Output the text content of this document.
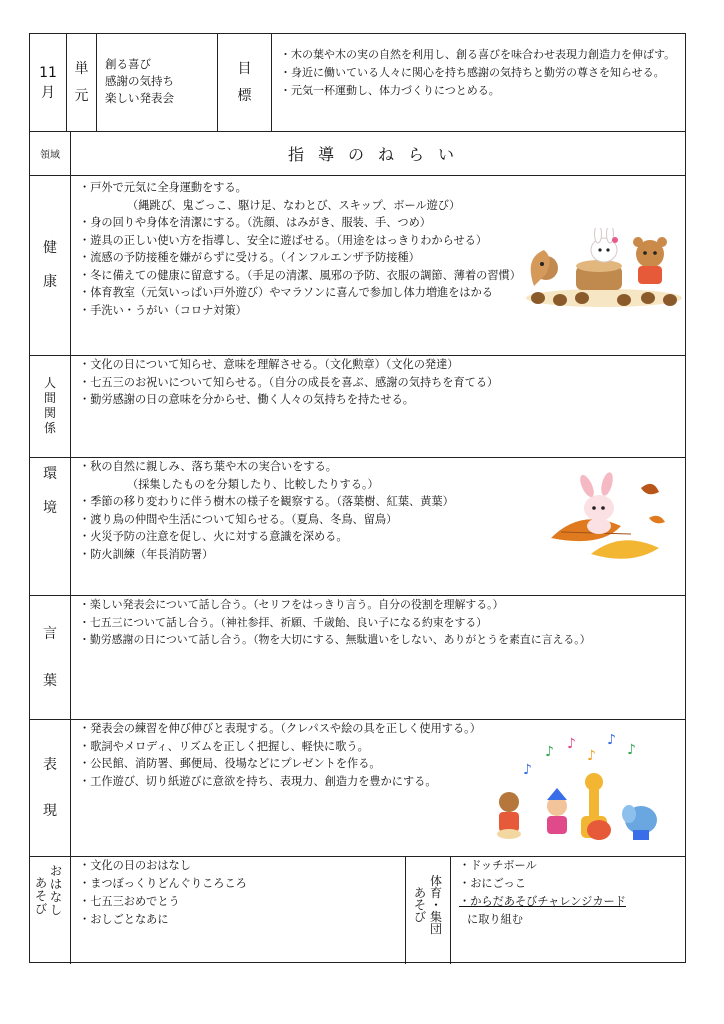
11
月
単
元
創る喜び
感謝の気持ち
楽しい発表会
目
標
・木の葉や木の実の自然を利用し、創る喜びを味合わせ表現力創造力を伸ばす。
・身近に働いている人々に関心を持ち感謝の気持ちと勤労の尊さを知らせる。
・元気一杯運動し、体力づくりにつとめる。
領域	指導のねらい
健
康
・戸外で元気に全身運動をする。
（縄跳び、鬼ごっこ、駆け足、なわとび、スキップ、ボール遊び）
・身の回りや身体を清潔にする。（洗顔、はみがき、服装、手、つめ）
・遊具の正しい使い方を指導し、安全に遊ばせる。（用途をはっきりわからせる）
・流感の予防接種を嫌がらずに受ける。（インフルエンザ予防接種）
・冬に備えての健康に留意する。（手足の清潔、風邪の予防、衣服の調節、薄着の習慣）
・体育教室（元気いっぱい戸外遊び）やマラソンに喜んで参加し体力増進をはかる
・手洗い・うがい（コロナ対策）
人
間
関
係
・文化の日について知らせ、意味を理解させる。（文化勲章）（文化の発達）
・七五三のお祝いについて知らせる。（自分の成長を喜ぶ、感謝の気持ちを育てる）
・勤労感謝の日の意味を分からせ、働く人々の気持ちを持たせる。
環
境
・秋の自然に親しみ、落ち葉や木の実合いをする。
（採集したものを分類したり、比較したりする。）
・季節の移り変わりに伴う樹木の様子を観察する。（落葉樹、紅葉、黄葉）
・渡り鳥の仲間や生活について知らせる。（夏鳥、冬鳥、留鳥）
・火災予防の注意を促し、火に対する意識を深める。
・防火訓練（年長消防署）
言
葉
・楽しい発表会について話し合う。（セリフをはっきり言う。自分の役割を理解する。）
・七五三について話し合う。（神社参拝、祈願、千歳飴、良い子になる約束をする）
・勤労感謝の日について話し合う。（物を大切にする、無駄遣いをしない、ありがとうを素直に言える。）
表
現
・発表会の練習を伸び伸びと表現する。（クレパスや絵の具を正しく使用する。）
・歌詞やメロディ、リズムを正しく把握し、軽快に歌う。
・公民館、消防署、郵便局、役場などにプレゼントを作る。
・工作遊び、切り紙遊びに意欲を持ち、表現力、創造力を豊かにする。
♪
♪ ♪
♪
♪
♪
お
は
な
し
あ
そ
び
・文化の日のおはなし
・まつぼっくりどんぐりころころ
・七五三おめでとう
・おしごとなあに
体
育
・
集
団
あ
そ
び
・ドッチボール
・おにごっこ
・からだあそびチャレンジカード
に取り組む
